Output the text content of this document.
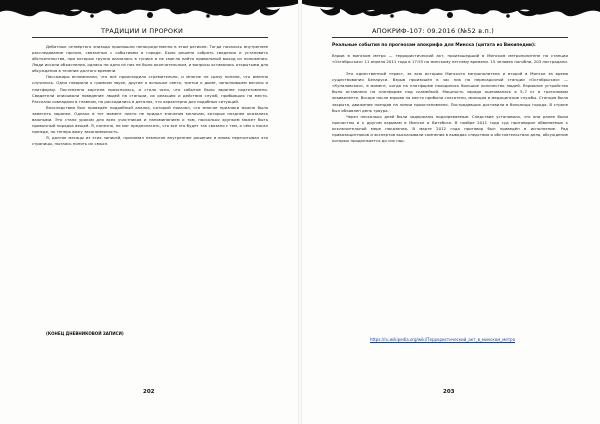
ТРАДИЦИИ И ПРОРОКИ

Дебатные четвёртого эпизода произошли непосредственно в этом регионе. Тогда началось внутреннее расследование причин, связанных с событиями в городе. Было решено собрать сведения и установить обстоятельства, при которых группа оказалась в тупике и не смогла найти правильный выход из положения. Люди искали объяснения, однако ни одно из них не было окончательным, и вопросы оставались открытыми для обсуждения в течение долгого времени.

Пассажиры вспоминали, что всё происходило стремительно, и многие не сразу поняли, что именно случилось. Одни говорили о громком звуке, другие о вспышке света, третьи о дыме, заполнившем вагоны и платформу. Постепенно картина прояснялась, и стало ясно, что событие было заранее подготовлено. Свидетели описывали поведение людей на станции, их реакцию и действия служб, прибывших на место. Рассказы совпадали в главном, но расходились в деталях, что характерно для подобных ситуаций.

Впоследствии был проведён подробный анализ, который показал, что многие признаки можно было заметить заранее. Однако в тот момент никто не придал значения мелочам, которые позднее оказались важными. Это стало уроком для всех участников и напоминанием о том, насколько хрупким может быть привычный порядок вещей. Я, конечно, не мог предполагать, что всё это будет так связано с тем, о чём я писал прежде, но теперь вижу закономерность.

Я, долгие месяцы из этих записей, принимал немногое внутреннее решение и вновь перечитывал эти страницы, пытаясь понять их смысл.

(КОНЕЦ ДНЕВНИКОВОЙ ЗАПИСИ)
202
АПОКРИФ-107: 09.2016 (№52 в.п.)
Реальные события по прогнозам апокрифа для Минска (цитата из Википедии):

Взрыв в минском метро — террористический акт, произошедший в Минском метрополитене на станции «Октябрьская» 11 апреля 2011 года в 17:55 по минскому летнему времени. 15 человек погибли, 203 пострадали.

Это единственный теракт, за всю историю Минского метрополитена и второй в Минске за время существования Беларуси. Взрыв произошёл в час пик на пересадочной станции «Октябрьская» — «Купаловская», в момент, когда на платформе находилось большое количество людей. Взрывное устройство было оставлено на платформе под скамейкой. Мощность заряда оценивалась в 5–7 кг в тротиловом эквиваленте. Вскоре после взрыва на место прибыли спасатели, милиция и медицинские службы. Станция была закрыта, движение поездов на линии приостановлено. Пострадавших доставили в больницы города. В стране был объявлен день траура.

Через несколько дней были задержаны подозреваемые. Следствие установило, что они ранее были причастны и к другим взрывам в Минске и Витебске. В ноябре 2011 года суд приговорил обвиняемых к исключительной мере наказания. В марте 2012 года приговор был приведён в исполнение. Ряд правозащитников и экспертов высказывали сомнения в выводах следствия и обстоятельствах дела, обсуждение которых продолжается до сих пор.

https://ru.wikipedia.org/wiki/Террористический_акт_в_минском_метро
203
